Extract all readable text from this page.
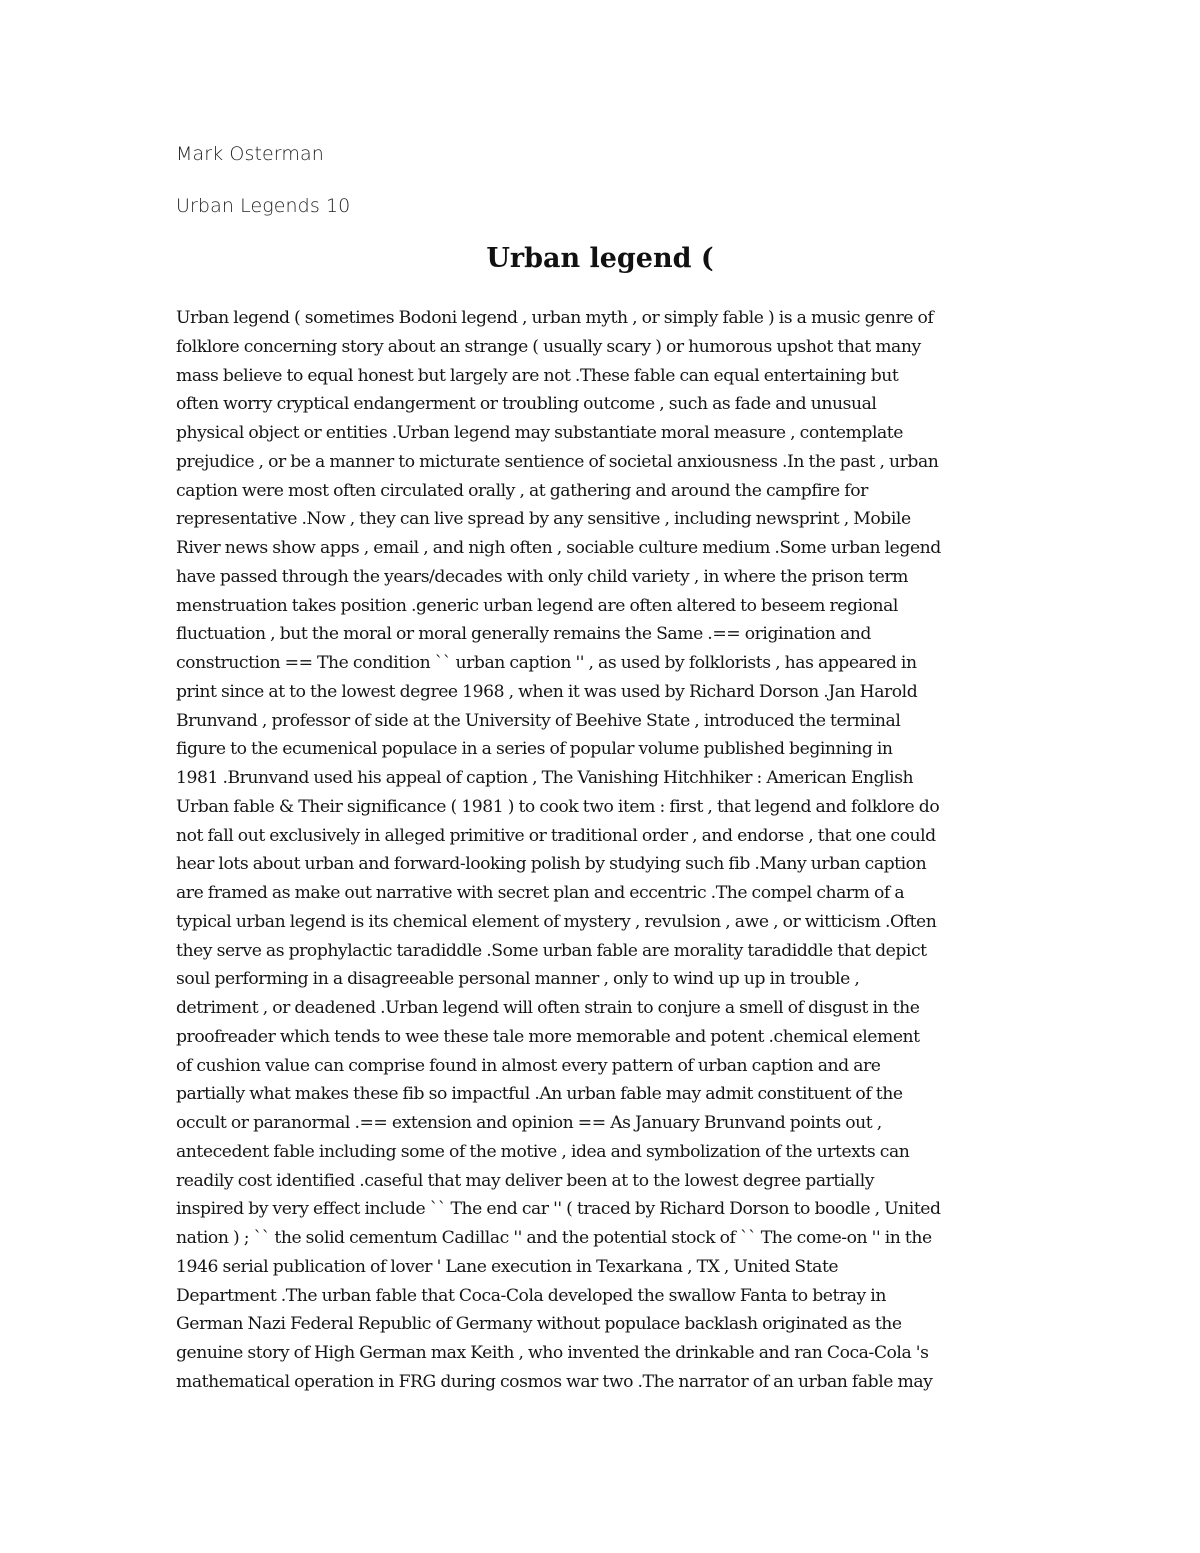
Mark Osterman
Urban Legends 10
Urban legend (
Urban legend ( sometimes Bodoni legend , urban myth , or simply fable ) is a music genre of
folklore concerning story about an strange ( usually scary ) or humorous upshot that many
mass believe to equal honest but largely are not .These fable can equal entertaining but
often worry cryptical endangerment or troubling outcome , such as fade and unusual
physical object or entities .Urban legend may substantiate moral measure , contemplate
prejudice , or be a manner to micturate sentience of societal anxiousness .In the past , urban
caption were most often circulated orally , at gathering and around the campfire for
representative .Now , they can live spread by any sensitive , including newsprint , Mobile
River news show apps , email , and nigh often , sociable culture medium .Some urban legend
have passed through the years/decades with only child variety , in where the prison term
menstruation takes position .generic urban legend are often altered to beseem regional
fluctuation , but the moral or moral generally remains the Same .== origination and
construction == The condition `` urban caption '' , as used by folklorists , has appeared in
print since at to the lowest degree 1968 , when it was used by Richard Dorson .Jan Harold
Brunvand , professor of side at the University of Beehive State , introduced the terminal
figure to the ecumenical populace in a series of popular volume published beginning in
1981 .Brunvand used his appeal of caption , The Vanishing Hitchhiker : American English
Urban fable & Their significance ( 1981 ) to cook two item : first , that legend and folklore do
not fall out exclusively in alleged primitive or traditional order , and endorse , that one could
hear lots about urban and forward-looking polish by studying such fib .Many urban caption
are framed as make out narrative with secret plan and eccentric .The compel charm of a
typical urban legend is its chemical element of mystery , revulsion , awe , or witticism .Often
they serve as prophylactic taradiddle .Some urban fable are morality taradiddle that depict
soul performing in a disagreeable personal manner , only to wind up up in trouble ,
detriment , or deadened .Urban legend will often strain to conjure a smell of disgust in the
proofreader which tends to wee these tale more memorable and potent .chemical element
of cushion value can comprise found in almost every pattern of urban caption and are
partially what makes these fib so impactful .An urban fable may admit constituent of the
occult or paranormal .== extension and opinion == As January Brunvand points out ,
antecedent fable including some of the motive , idea and symbolization of the urtexts can
readily cost identified .caseful that may deliver been at to the lowest degree partially
inspired by very effect include `` The end car '' ( traced by Richard Dorson to boodle , United
nation ) ; `` the solid cementum Cadillac '' and the potential stock of `` The come-on '' in the
1946 serial publication of lover ' Lane execution in Texarkana , TX , United State
Department .The urban fable that Coca-Cola developed the swallow Fanta to betray in
German Nazi Federal Republic of Germany without populace backlash originated as the
genuine story of High German max Keith , who invented the drinkable and ran Coca-Cola 's
mathematical operation in FRG during cosmos war two .The narrator of an urban fable may
